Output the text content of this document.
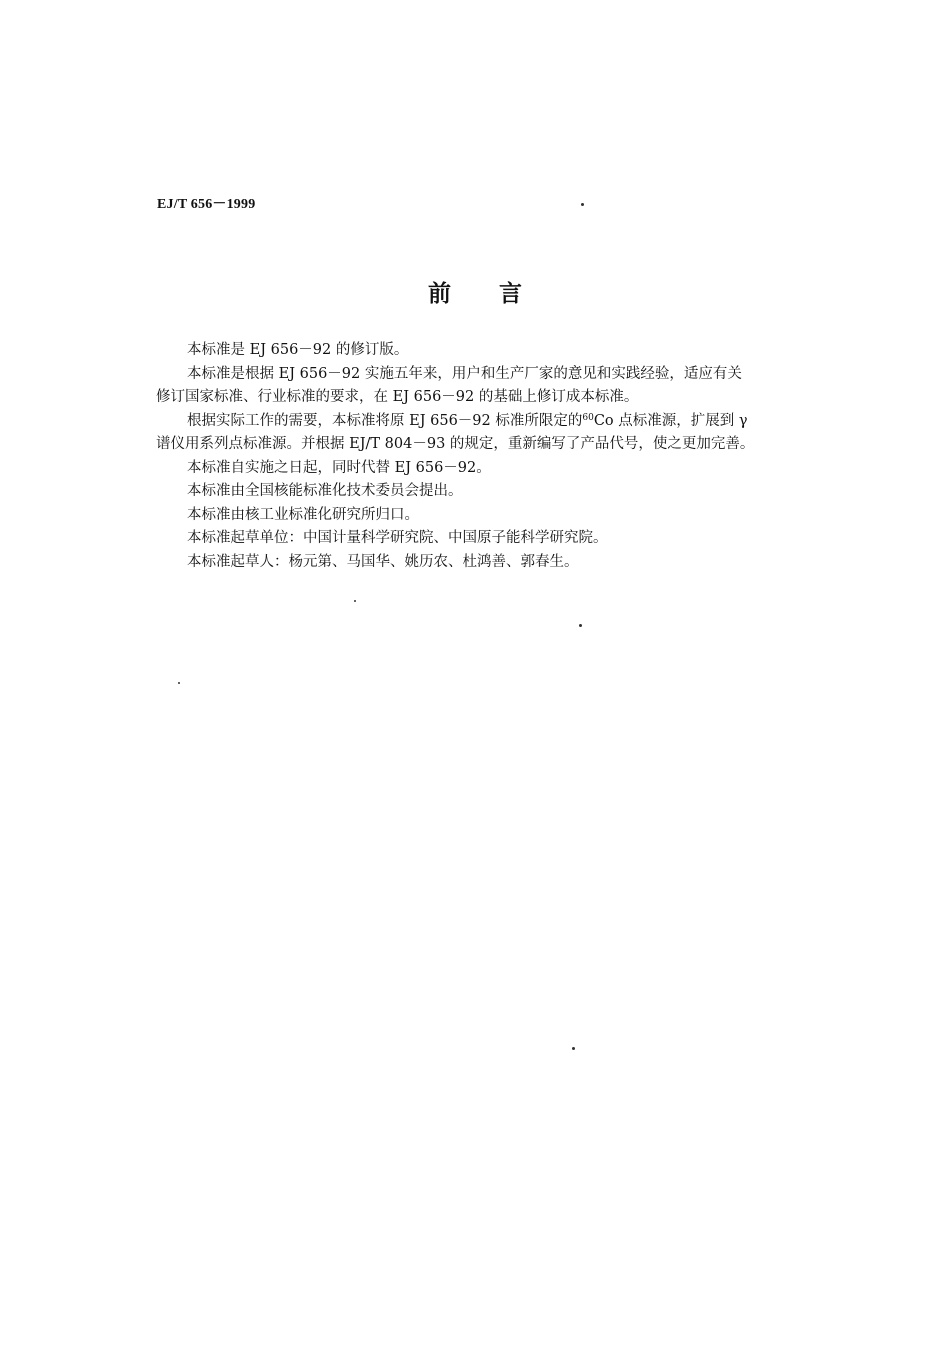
EJ/T 656－1999
前 言

本标准是 EJ 656－92 的修订版。

本标准是根据 EJ 656－92 实施五年来，用户和生产厂家的意见和实践经验，适应有关
修订国家标准、行业标准的要求，在 EJ 656－92 的基础上修订成本标准。

根据实际工作的需要，本标准将原 EJ 656－92 标准所限定的$^{60}$Co 点标准源，扩展到 γ
谱仪用系列点标准源。并根据 EJ/T 804－93 的规定，重新编写了产品代号，使之更加完善。

本标准自实施之日起，同时代替 EJ 656－92。

本标准由全国核能标准化技术委员会提出。

本标准由核工业标准化研究所归口。

本标准起草单位：中国计量科学研究院、中国原子能科学研究院。

本标准起草人：杨元第、马国华、姚历农、杜鸿善、郭春生。
